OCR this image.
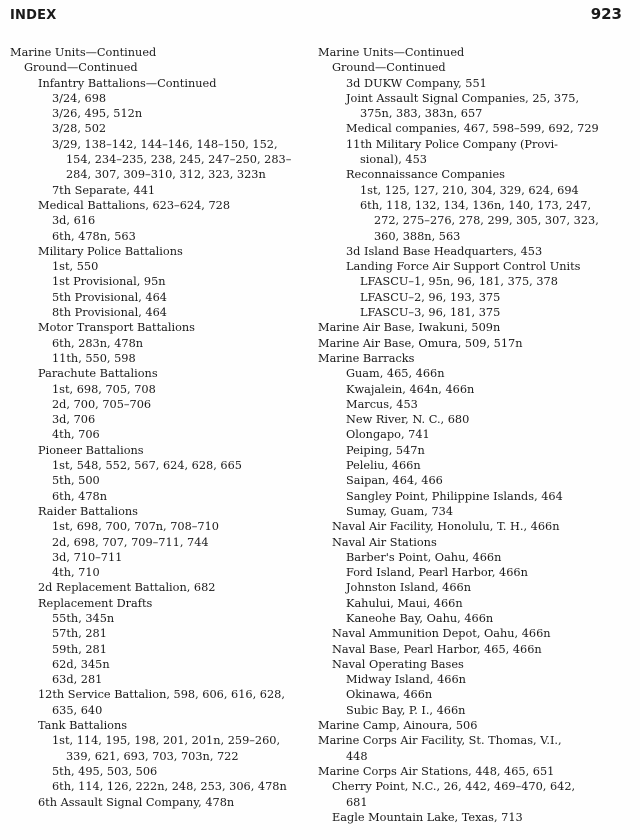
INDEX	923
Marine Units—Continued
Ground—Continued
Infantry Battalions—Continued
3/24, 698
3/26, 495, 512n
3/28, 502
3/29, 138–142, 144–146, 148–150, 152,
154, 234–235, 238, 245, 247–250, 283–
284, 307, 309–310, 312, 323, 323n
7th Separate, 441
Medical Battalions, 623–624, 728
3d, 616
6th, 478n, 563
Military Police Battalions
1st, 550
1st Provisional, 95n
5th Provisional, 464
8th Provisional, 464
Motor Transport Battalions
6th, 283n, 478n
11th, 550, 598
Parachute Battalions
1st, 698, 705, 708
2d, 700, 705–706
3d, 706
4th, 706
Pioneer Battalions
1st, 548, 552, 567, 624, 628, 665
5th, 500
6th, 478n
Raider Battalions
1st, 698, 700, 707n, 708–710
2d, 698, 707, 709–711, 744
3d, 710–711
4th, 710
2d Replacement Battalion, 682
Replacement Drafts
55th, 345n
57th, 281
59th, 281
62d, 345n
63d, 281
12th Service Battalion, 598, 606, 616, 628,
635, 640
Tank Battalions
1st, 114, 195, 198, 201, 201n, 259–260,
339, 621, 693, 703, 703n, 722
5th, 495, 503, 506
6th, 114, 126, 222n, 248, 253, 306, 478n
6th Assault Signal Company, 478n
Marine Units—Continued
Ground—Continued
3d DUKW Company, 551
Joint Assault Signal Companies, 25, 375,
375n, 383, 383n, 657
Medical companies, 467, 598–599, 692, 729
11th Military Police Company (Provi-
sional), 453
Reconnaissance Companies
1st, 125, 127, 210, 304, 329, 624, 694
6th, 118, 132, 134, 136n, 140, 173, 247,
272, 275–276, 278, 299, 305, 307, 323,
360, 388n, 563
3d Island Base Headquarters, 453
Landing Force Air Support Control Units
LFASCU–1, 95n, 96, 181, 375, 378
LFASCU–2, 96, 193, 375
LFASCU–3, 96, 181, 375
Marine Air Base, Iwakuni, 509n
Marine Air Base, Omura, 509, 517n
Marine Barracks
Guam, 465, 466n
Kwajalein, 464n, 466n
Marcus, 453
New River, N. C., 680
Olongapo, 741
Peiping, 547n
Peleliu, 466n
Saipan, 464, 466
Sangley Point, Philippine Islands, 464
Sumay, Guam, 734
Naval Air Facility, Honolulu, T. H., 466n
Naval Air Stations
Barber's Point, Oahu, 466n
Ford Island, Pearl Harbor, 466n
Johnston Island, 466n
Kahului, Maui, 466n
Kaneohe Bay, Oahu, 466n
Naval Ammunition Depot, Oahu, 466n
Naval Base, Pearl Harbor, 465, 466n
Naval Operating Bases
Midway Island, 466n
Okinawa, 466n
Subic Bay, P. I., 466n
Marine Camp, Ainoura, 506
Marine Corps Air Facility, St. Thomas, V.I.,
448
Marine Corps Air Stations, 448, 465, 651
Cherry Point, N.C., 26, 442, 469–470, 642,
681
Eagle Mountain Lake, Texas, 713
